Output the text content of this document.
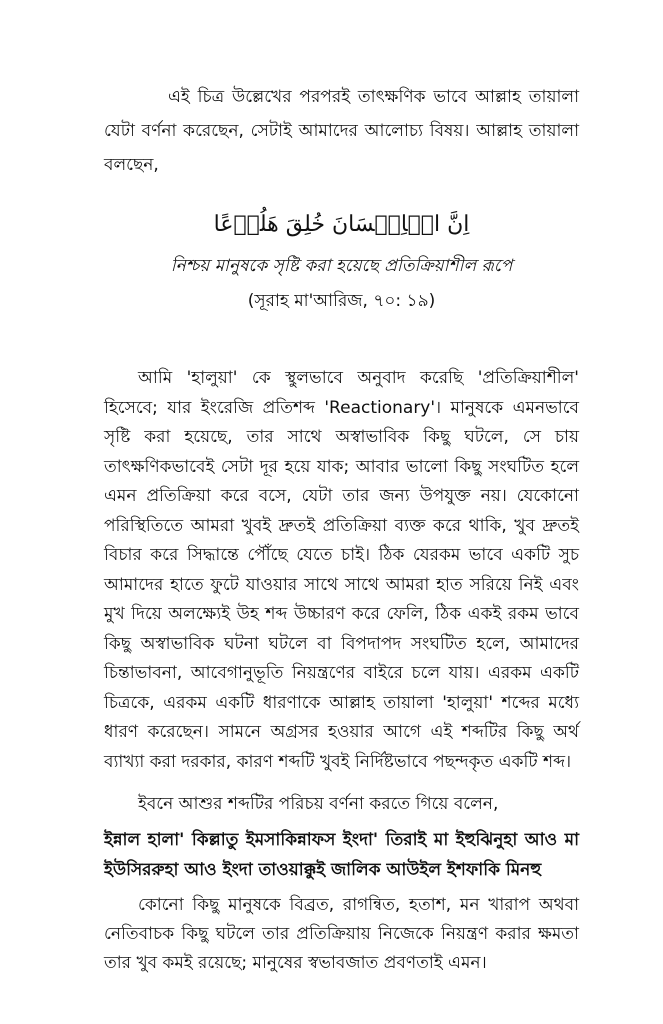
এই চিত্র উল্লেখের পরপরই তাৎক্ষণিক ভাবে আল্লাহ তায়ালা যেটা বর্ণনা করেছেন, সেটাই আমাদের আলোচ্য বিষয়। আল্লাহ তায়ালা বলছেন,

اِنَّ الۡاِنۡسَانَ خُلِقَ هَلُوۡعًا

নিশ্চয় মানুষকে সৃষ্টি করা হয়েছে প্রতিক্রিয়াশীল রূপে

(সূরাহ মা'আরিজ, ৭০: ১৯)

আমি 'হালুয়া' কে স্থুলভাবে অনুবাদ করেছি 'প্রতিক্রিয়াশীল' হিসেবে; যার ইংরেজি প্রতিশব্দ 'Reactionary'। মানুষকে এমনভাবে সৃষ্টি করা হয়েছে, তার সাথে অস্বাভাবিক কিছু ঘটলে, সে চায় তাৎক্ষণিকভাবেই সেটা দূর হয়ে যাক; আবার ভালো কিছু সংঘটিত হলে এমন প্রতিক্রিয়া করে বসে, যেটা তার জন্য উপযুক্ত নয়। যেকোনো পরিস্থিতিতে আমরা খুবই দ্রুতই প্রতিক্রিয়া ব্যক্ত করে থাকি, খুব দ্রুতই বিচার করে সিদ্ধান্তে পৌঁছে যেতে চাই। ঠিক যেরকম ভাবে একটি সুচ আমাদের হাতে ফুটে যাওয়ার সাথে সাথে আমরা হাত সরিয়ে নিই এবং মুখ দিয়ে অলক্ষ্যেই উহ শব্দ উচ্চারণ করে ফেলি, ঠিক একই রকম ভাবে কিছু অস্বাভাবিক ঘটনা ঘটলে বা বিপদাপদ সংঘটিত হলে, আমাদের চিন্তাভাবনা, আবেগানুভূতি নিয়ন্ত্রণের বাইরে চলে যায়। এরকম একটি চিত্রকে, এরকম একটি ধারণাকে আল্লাহ তায়ালা 'হালুয়া' শব্দের মধ্যে ধারণ করেছেন। সামনে অগ্রসর হওয়ার আগে এই শব্দটির কিছু অর্থ ব্যাখ্যা করা দরকার, কারণ শব্দটি খুবই নির্দিষ্টভাবে পছন্দকৃত একটি শব্দ।

ইবনে আশুর শব্দটির পরিচয় বর্ণনা করতে গিয়ে বলেন,

ইন্নাল হালা' কিল্লাতু ইমসাকিন্নাফস ইংদা' তিরাই মা ইহুঝিনুহা আও মা ইউসিররুহা আও ইংদা তাওয়াক্কুই জালিক আউইল ইশফাকি মিনহু

কোনো কিছু মানুষকে বিব্রত, রাগন্বিত, হতাশ, মন খারাপ অথবা নেতিবাচক কিছু ঘটলে তার প্রতিক্রিয়ায় নিজেকে নিয়ন্ত্রণ করার ক্ষমতা তার খুব কমই রয়েছে; মানুষের স্বভাবজাত প্রবণতাই এমন।
